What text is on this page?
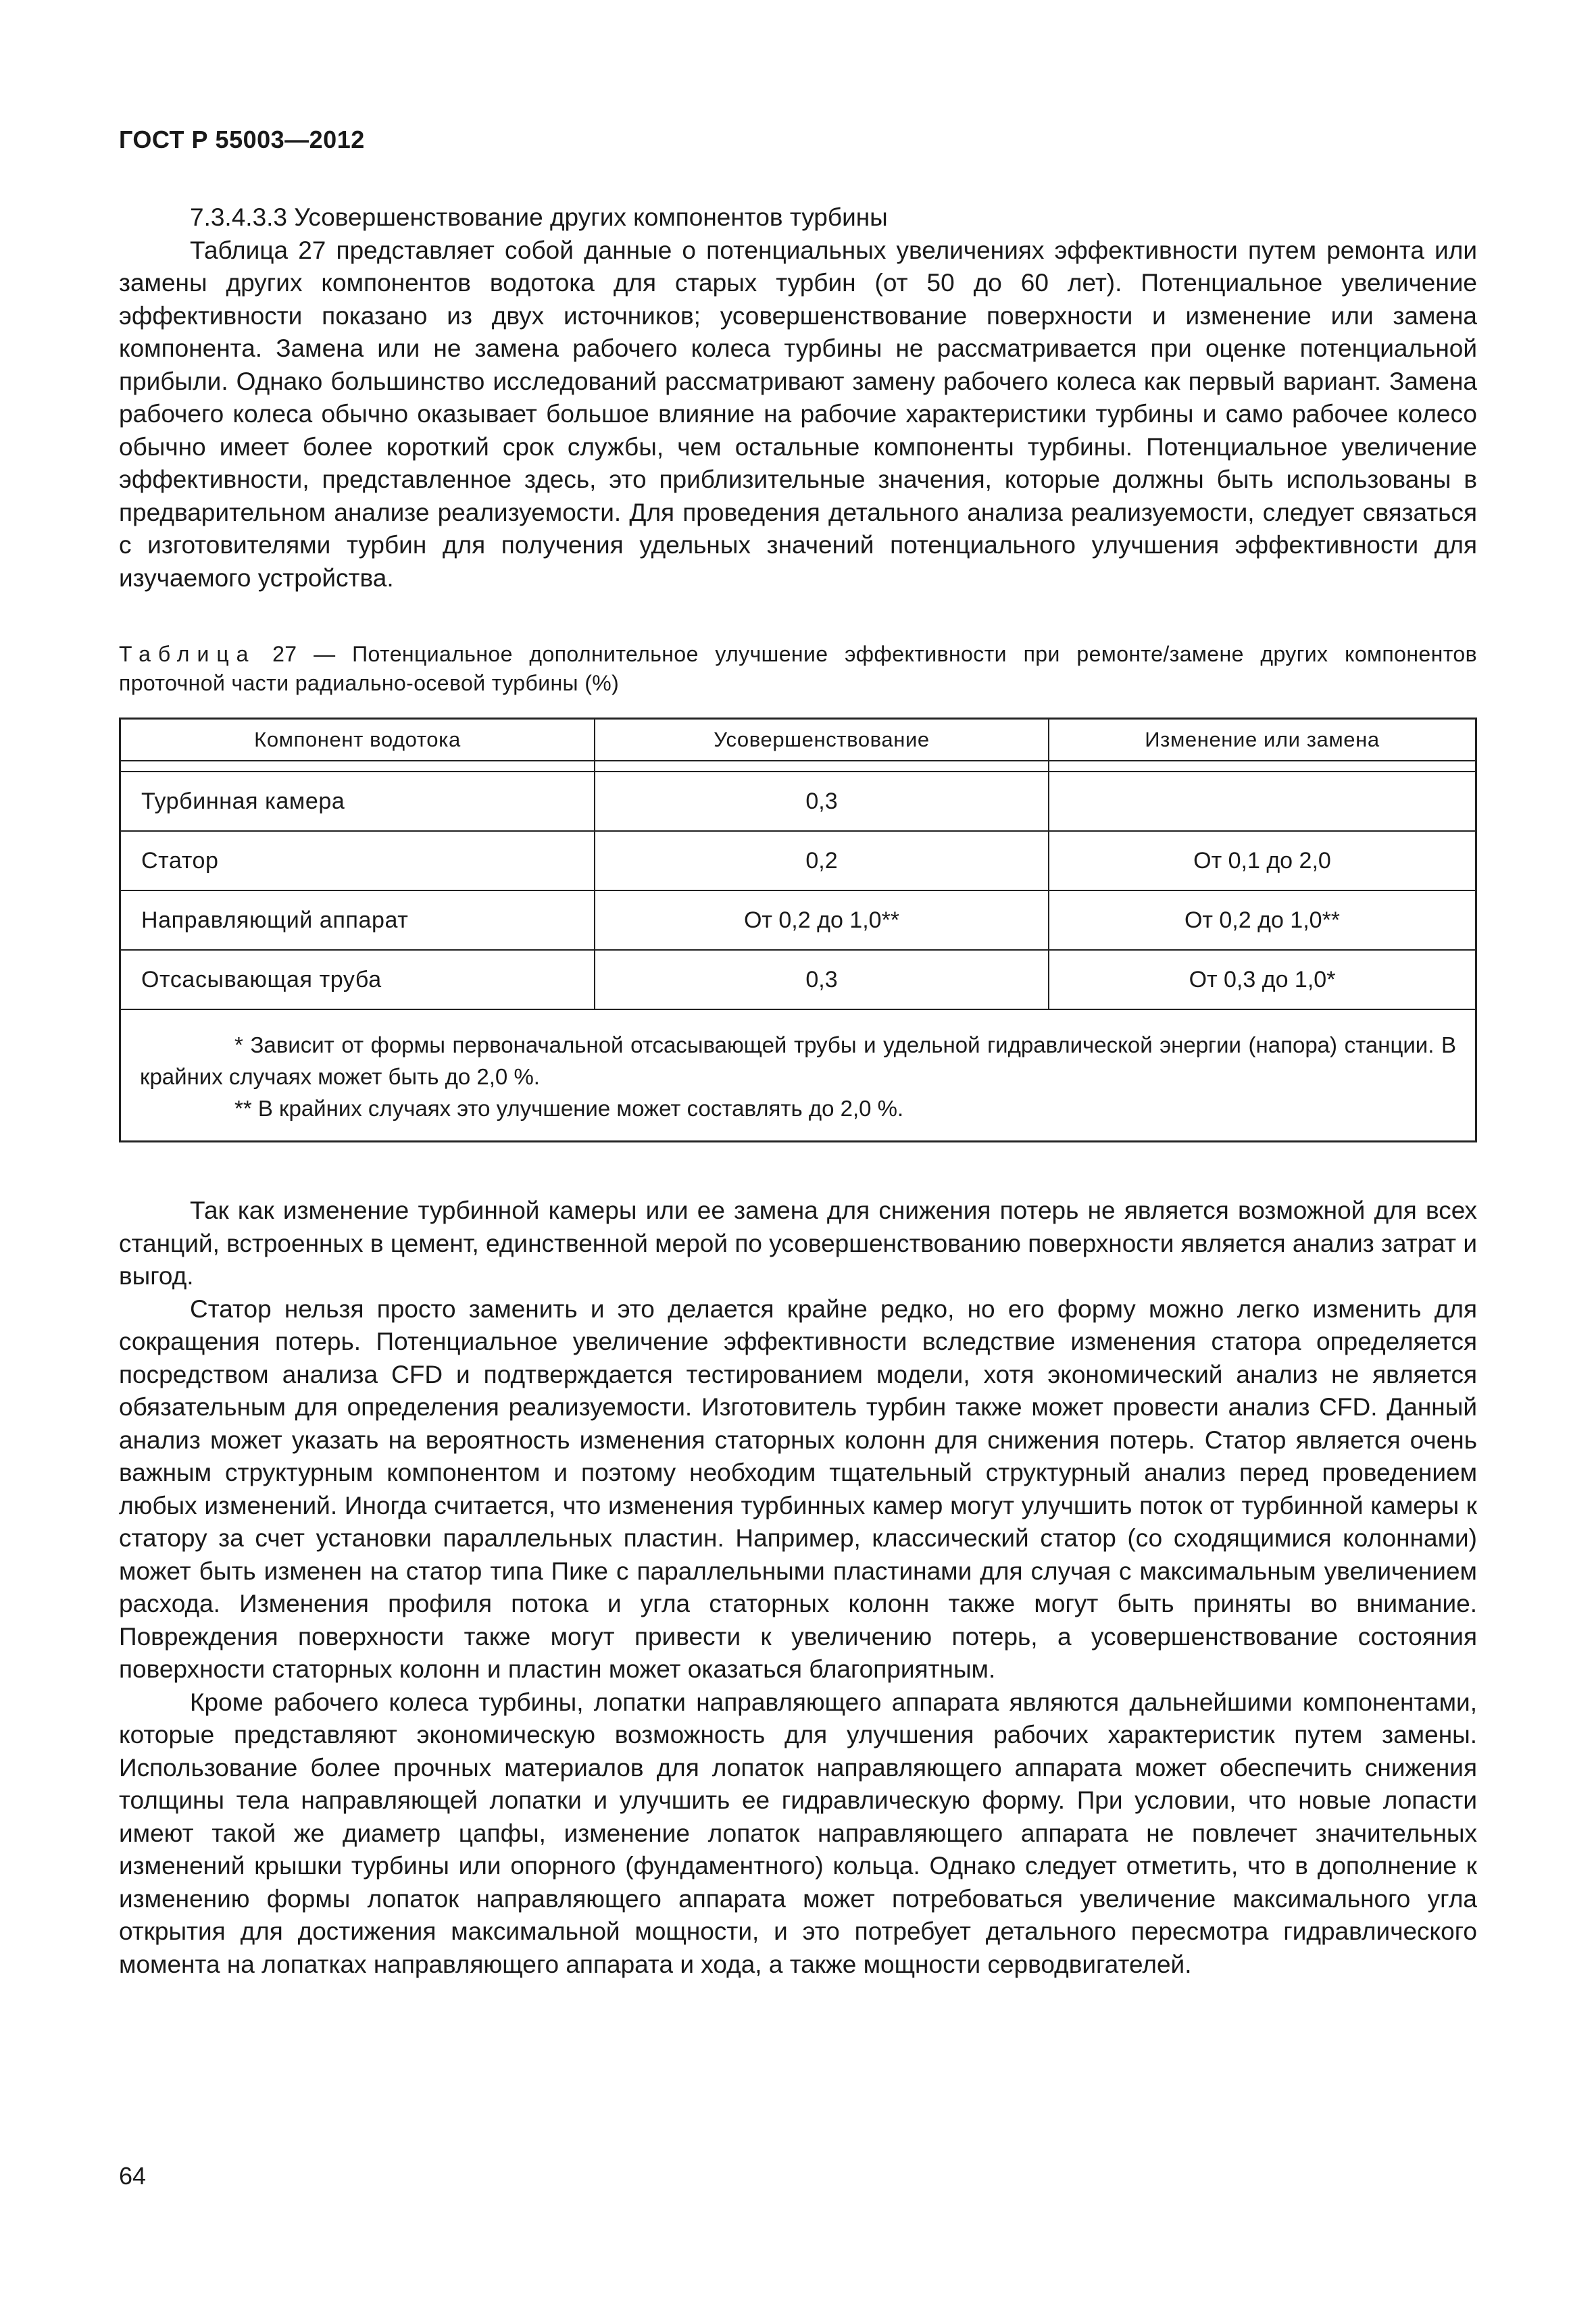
ГОСТ Р 55003—2012

7.3.4.3.3 Усовершенствование других компонентов турбины

Таблица 27 представляет собой данные о потенциальных увеличениях эффективности путем ремонта или замены других компонентов водотока для старых турбин (от 50 до 60 лет). Потенциальное увеличение эффективности показано из двух источников; усовершенствование поверхности и изменение или замена компонента. Замена или не замена рабочего колеса турбины не рассматривается при оценке потенциальной прибыли. Однако большинство исследований рассматривают замену рабочего колеса как первый вариант. Замена рабочего колеса обычно оказывает большое влияние на рабочие характеристики турбины и само рабочее колесо обычно имеет более короткий срок службы, чем остальные компоненты турбины. Потенциальное увеличение эффективности, представленное здесь, это приблизительные значения, которые должны быть использованы в предварительном анализе реализуемости. Для проведения детального анализа реализуемости, следует связаться с изготовителями турбин для получения удельных значений потенциального улучшения эффективности для изучаемого устройства.

Таблица 27 — Потенциальное дополнительное улучшение эффективности при ремонте/замене других компонентов проточной части радиально-осевой турбины (%)
Компонент водотока	Усовершенствование	Изменение или замена

Турбинная камера	0,3	
Статор	0,2	От 0,1 до 2,0
Направляющий аппарат	От 0,2 до 1,0**	От 0,2 до 1,0**
Отсасывающая труба	0,3	От 0,3 до 1,0*

* Зависит от формы первоначальной отсасывающей трубы и удельной гидравлической энергии (напора) станции. В крайних случаях может быть до 2,0 %.

** В крайних случаях это улучшение может составлять до 2,0 %.		

Так как изменение турбинной камеры или ее замена для снижения потерь не является возможной для всех станций, встроенных в цемент, единственной мерой по усовершенствованию поверхности является анализ затрат и выгод.

Статор нельзя просто заменить и это делается крайне редко, но его форму можно легко изменить для сокращения потерь. Потенциальное увеличение эффективности вследствие изменения статора определяется посредством анализа CFD и подтверждается тестированием модели, хотя экономический анализ не является обязательным для определения реализуемости. Изготовитель турбин также может провести анализ CFD. Данный анализ может указать на вероятность изменения статорных колонн для снижения потерь. Статор является очень важным структурным компонентом и поэтому необходим тщательный структурный анализ перед проведением любых изменений. Иногда считается, что изменения турбинных камер могут улучшить поток от турбинной камеры к статору за счет установки параллельных пластин. Например, классический статор (со сходящимися колоннами) может быть изменен на статор типа Пике с параллельными пластинами для случая с максимальным увеличением расхода. Изменения профиля потока и угла статорных колонн также могут быть приняты во внимание. Повреждения поверхности также могут привести к увеличению потерь, а усовершенствование состояния поверхности статорных колонн и пластин может оказаться благоприятным.

Кроме рабочего колеса турбины, лопатки направляющего аппарата являются дальнейшими компонентами, которые представляют экономическую возможность для улучшения рабочих характеристик путем замены. Использование более прочных материалов для лопаток направляющего аппарата может обеспечить снижения толщины тела направляющей лопатки и улучшить ее гидравлическую форму. При условии, что новые лопасти имеют такой же диаметр цапфы, изменение лопаток направляющего аппарата не повлечет значительных изменений крышки турбины или опорного (фундаментного) кольца. Однако следует отметить, что в дополнение к изменению формы лопаток направляющего аппарата может потребоваться увеличение максимального угла открытия для достижения максимальной мощности, и это потребует детального пересмотра гидравлического момента на лопатках направляющего аппарата и хода, а также мощности серводвигателей.

64
